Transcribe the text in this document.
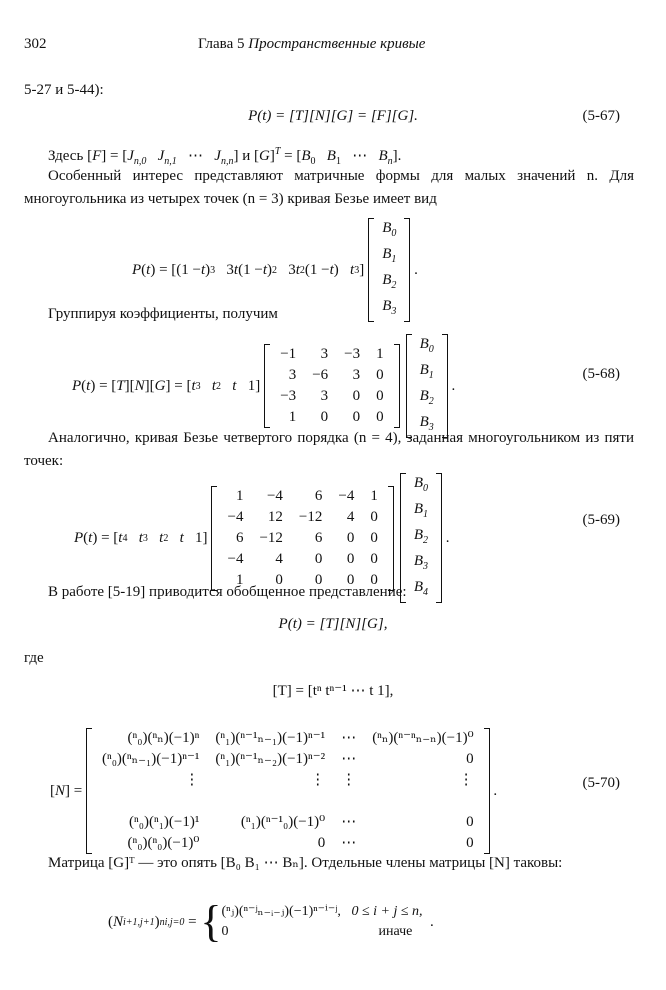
302	Глава 5 Пространственные кривые
5-27 и 5-44):
P(t) = [T][N][G] = [F][G].	(5-67)
Здесь $[F] = [J_{n,0}$ $J_{n,1}$   ⋯   $J_{n,n}$] и $[G]^T = [B_0$ $B_1$   ⋯   $B_n$].
Особенный интерес представляют матричные формы для малых значений n. Для многоугольника из четырех точек (n = 3) кривая Безье имеет вид
P ( t ) = [(1 − t ) 3 3 t (1 − t ) 2 3 t 2 (1 − t ) t 3 ]
$B_0$
$B_1$
$B_2$
$B_3$
.
Группируя коэффициенты, получим
P ( t ) = [ T ][ N ][ G ] = [ t 3
t 2
t 1]
−1	3	−3	1
3	−6	3	0
−3	3	0	0
1	0	0	0
$B_0$
$B_1$
$B_2$
$B_3$
.
(5-68)
Аналогично, кривая Безье четвертого порядка (n = 4), заданная многоугольником из пяти точек:
P ( t ) = [ t 4
t 3
t 2
t 1]
1	−4	6	−4	1
−4	12	−12	4	0
6	−12	6	0	0
−4	4	0	0	0
1	0	0	0	0
$B_0$
$B_1$
$B_2$
$B_3$
$B_4$
.
(5-69)
В работе [5-19] приводится обобщенное представление:
P(t) = [T][N][G],
где
[T] = [tⁿ tⁿ⁻¹ ⋯ t 1],
[ N ] =
(ⁿ₀)(ⁿₙ)(−1)ⁿ	(ⁿ₁)(ⁿ⁻¹ₙ₋₁)(−1)ⁿ⁻¹	⋯	(ⁿₙ)(ⁿ⁻ⁿₙ₋ₙ)(−1)⁰
(ⁿ₀)(ⁿₙ₋₁)(−1)ⁿ⁻¹	(ⁿ₁)(ⁿ⁻¹ₙ₋₂)(−1)ⁿ⁻²	⋯	0
⋮	⋮	⋮	⋮

(ⁿ₀)(ⁿ₁)(−1)¹	(ⁿ₁)(ⁿ⁻¹₀)(−1)⁰	⋯	0
(ⁿ₀)(ⁿ₀)(−1)⁰	0	⋯	0
.	(5-70)
Матрица [G]ᵀ — это опять [B₀ B₁ ⋯ Bₙ]. Отдельные члены матрицы [N] таковы:
( N i+1,j+1 ) n i,j=0 = { (ⁿⱼ)(ⁿ⁻ʲₙ₋ᵢ₋ⱼ)(−1)ⁿ⁻ⁱ⁻ʲ, 0 ≤ i + j ≤ n,
0	иначе
.
